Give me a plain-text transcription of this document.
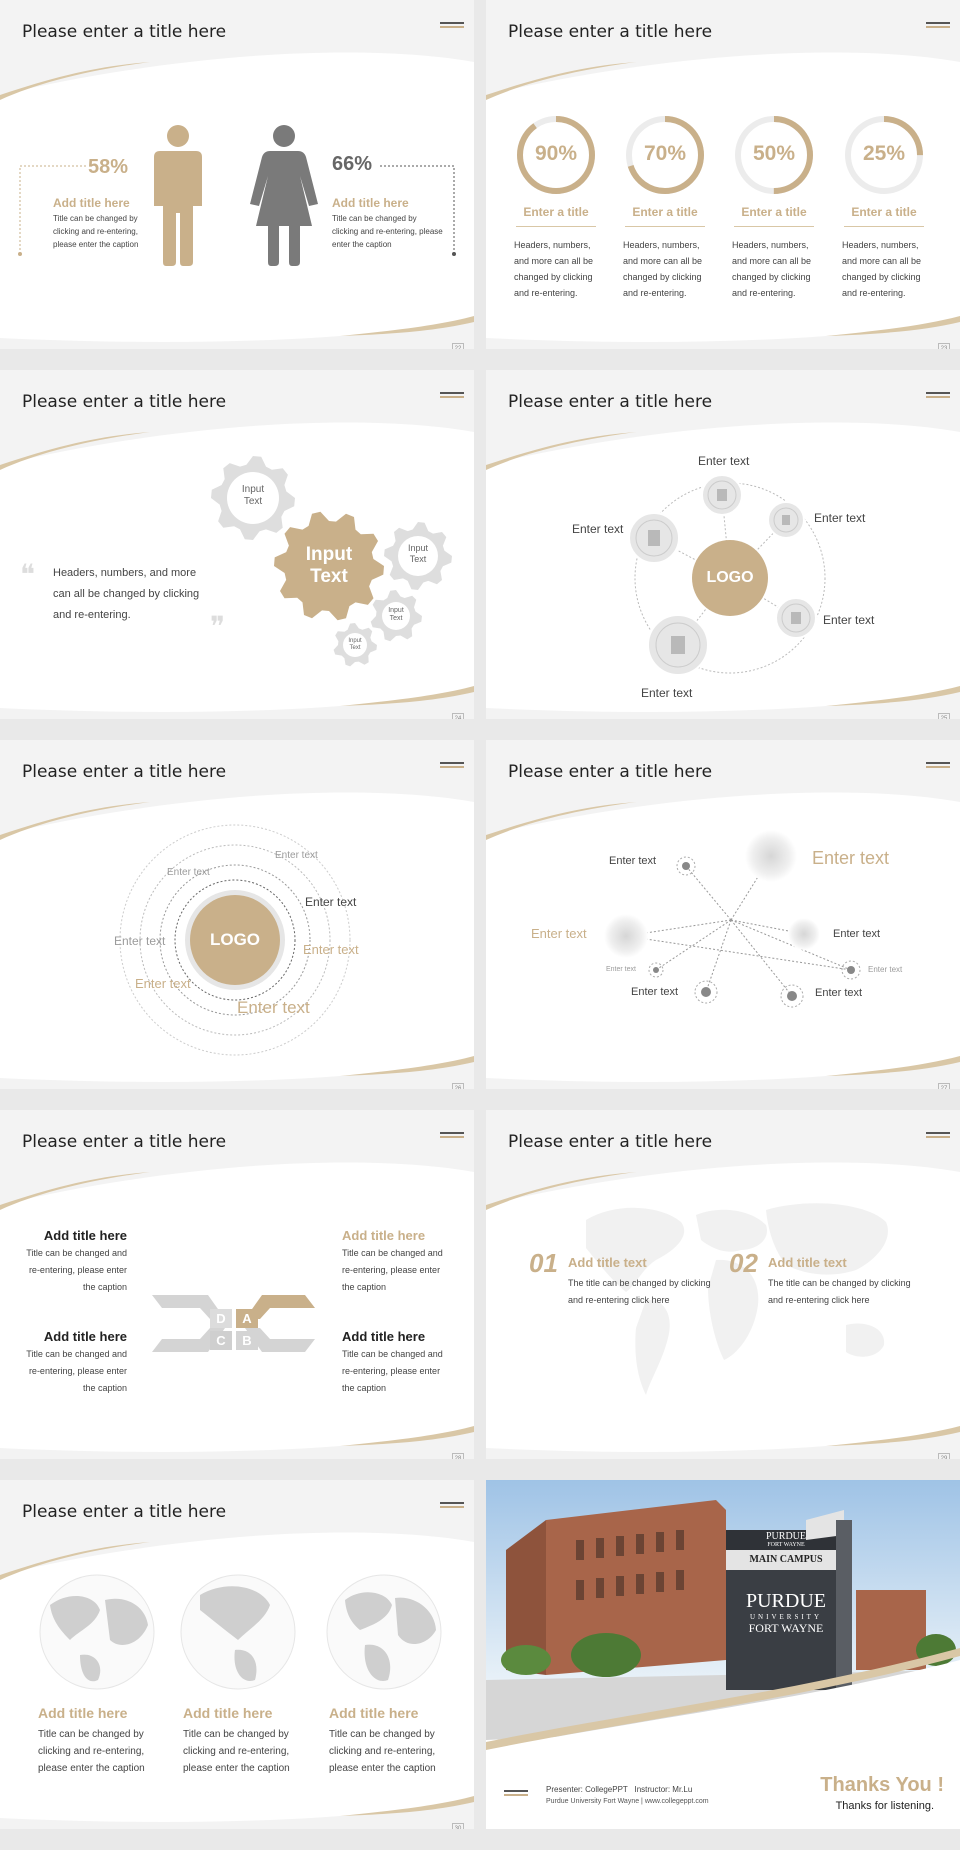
Please enter a title here
58%
Add title here
Title can be changed by
clicking and re-entering,
please enter the caption
66%
Add title here
Title can be changed by
clicking and re-entering, please
enter the caption
22
Please enter a title here
90%	70%	50%	25%
Enter a title	Enter a title	Enter a title	Enter a title
Headers, numbers,
and more can all be
changed by clicking
and re-entering.
Headers, numbers,
and more can all be
changed by clicking
and re-entering.
Headers, numbers,
and more can all be
changed by clicking
and re-entering.
Headers, numbers,
and more can all be
changed by clicking
and re-entering.
23
Please enter a title here
❝
❞
Headers, numbers, and more
can all be changed by clicking
and re-entering.
Input
Text
Input
Text
Input
Text
Input
Text
Input
Text
24
Please enter a title here
LOGO
Enter text
Enter text
Enter text
Enter text
Enter text
25
Please enter a title here
LOGO
Enter text
Enter text
Enter text
Enter text
Enter text
Enter text
Enter text
26
Please enter a title here
Enter text	Enter text
Enter text	Enter text
Enter text	Enter text
Enter text	Enter text
27
Please enter a title here
Add title here
Title can be changed and
re-entering, please enter
the caption
Add title here
Title can be changed and
re-entering, please enter
the caption
Add title here
Title can be changed and
re-entering, please enter
the caption
Add title here
Title can be changed and
re-entering, please enter
the caption
D	A
C	B
28
Please enter a title here
01 Add title text
The title can be changed by clicking
and re-entering click here
02 Add title text
The title can be changed by clicking
and re-entering click here
29
Please enter a title here
Add title here
Title can be changed by
clicking and re-entering,
please enter the caption
Add title here
Title can be changed by
clicking and re-entering,
please enter the caption
Add title here
Title can be changed by
clicking and re-entering,
please enter the caption
30
PURDUE
FORT WAYNE
MAIN CAMPUS
PURDUE
UNIVERSITY
FORT WAYNE
Presenter: CollegePPT Instructor: Mr.Lu
Purdue University Fort Wayne | www.collegeppt.com
Thanks You !
Thanks for listening.
